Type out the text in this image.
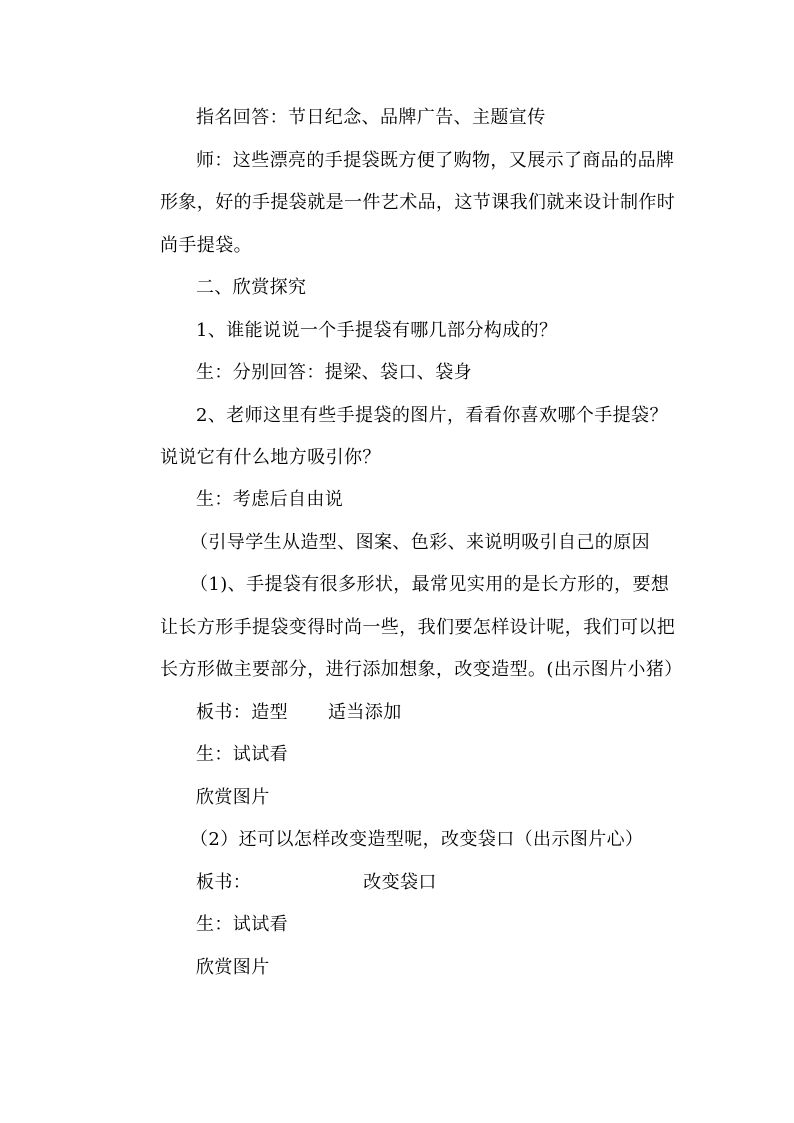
指名回答：节日纪念、品牌广告、主题宣传
师：这些漂亮的手提袋既方便了购物，又展示了商品的品牌
形象，好的手提袋就是一件艺术品，这节课我们就来设计制作时
尚手提袋。
二、欣赏探究
1、谁能说说一个手提袋有哪几部分构成的？
生：分别回答：提梁、袋口、袋身
2、老师这里有些手提袋的图片，看看你喜欢哪个手提袋？
说说它有什么地方吸引你？
生：考虑后自由说
（引导学生从造型、图案、色彩、来说明吸引自己的原因
（1)、手提袋有很多形状，最常见实用的是长方形的，要想
让长方形手提袋变得时尚一些，我们要怎样设计呢，我们可以把
长方形做主要部分，进行添加想象，改变造型。(出示图片小猪）
板书：造型 适当添加
生：试试看
欣赏图片
（2）还可以怎样改变造型呢，改变袋口（出示图片心）
板书：	改变袋口
生：试试看
欣赏图片
